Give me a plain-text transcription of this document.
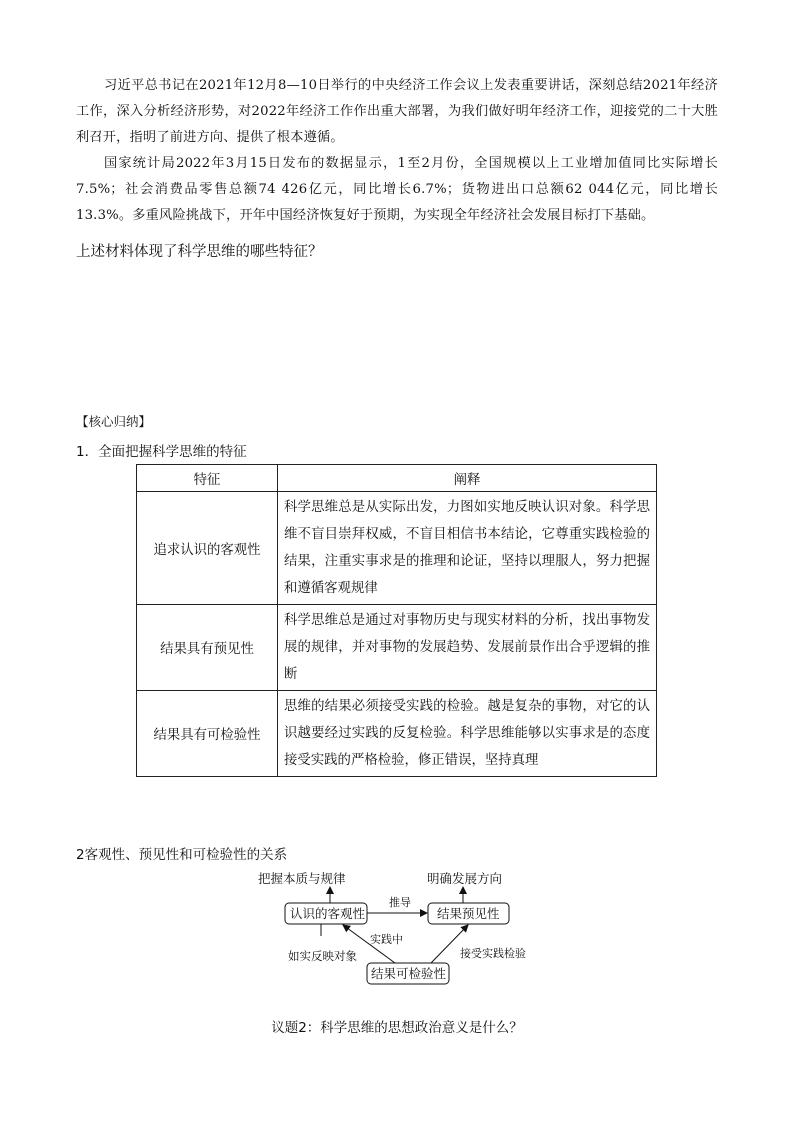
习近平总书记在2021年12月8—10日举行的中央经济工作会议上发表重要讲话，深刻总结2021年经济工作，深入分析经济形势，对2022年经济工作作出重大部署，为我们做好明年经济工作，迎接党的二十大胜利召开，指明了前进方向、提供了根本遵循。
国家统计局2022年3月15日发布的数据显示，1至2月份，全国规模以上工业增加值同比实际增长7.5%；社会消费品零售总额74 426亿元，同比增长6.7%；货物进出口总额62 044亿元，同比增长13.3%。多重风险挑战下，开年中国经济恢复好于预期，为实现全年经济社会发展目标打下基础。
上述材料体现了科学思维的哪些特征？
【核心归纳】
1．全面把握科学思维的特征
特征	阐释
追求认识的客观性	科学思维总是从实际出发，力图如实地反映认识对象。科学思维不盲目崇拜权威，不盲目相信书本结论，它尊重实践检验的结果，注重实事求是的推理和论证，坚持以理服人，努力把握和遵循客观规律
结果具有预见性	科学思维总是通过对事物历史与现实材料的分析，找出事物发展的规律，并对事物的发展趋势、发展前景作出合乎逻辑的推断
结果具有可检验性	思维的结果必须接受实践的检验。越是复杂的事物，对它的认识越要经过实践的反复检验。科学思维能够以实事求是的态度接受实践的严格检验，修正错误，坚持真理
2客观性、预见性和可检验性的关系
把握本质与规律	明确发展方向
认识的客观性	结果预见性
结果可检验性
推导
实践中
接受实践检验
如实反映对象
议题2：科学思维的思想政治意义是什么？
